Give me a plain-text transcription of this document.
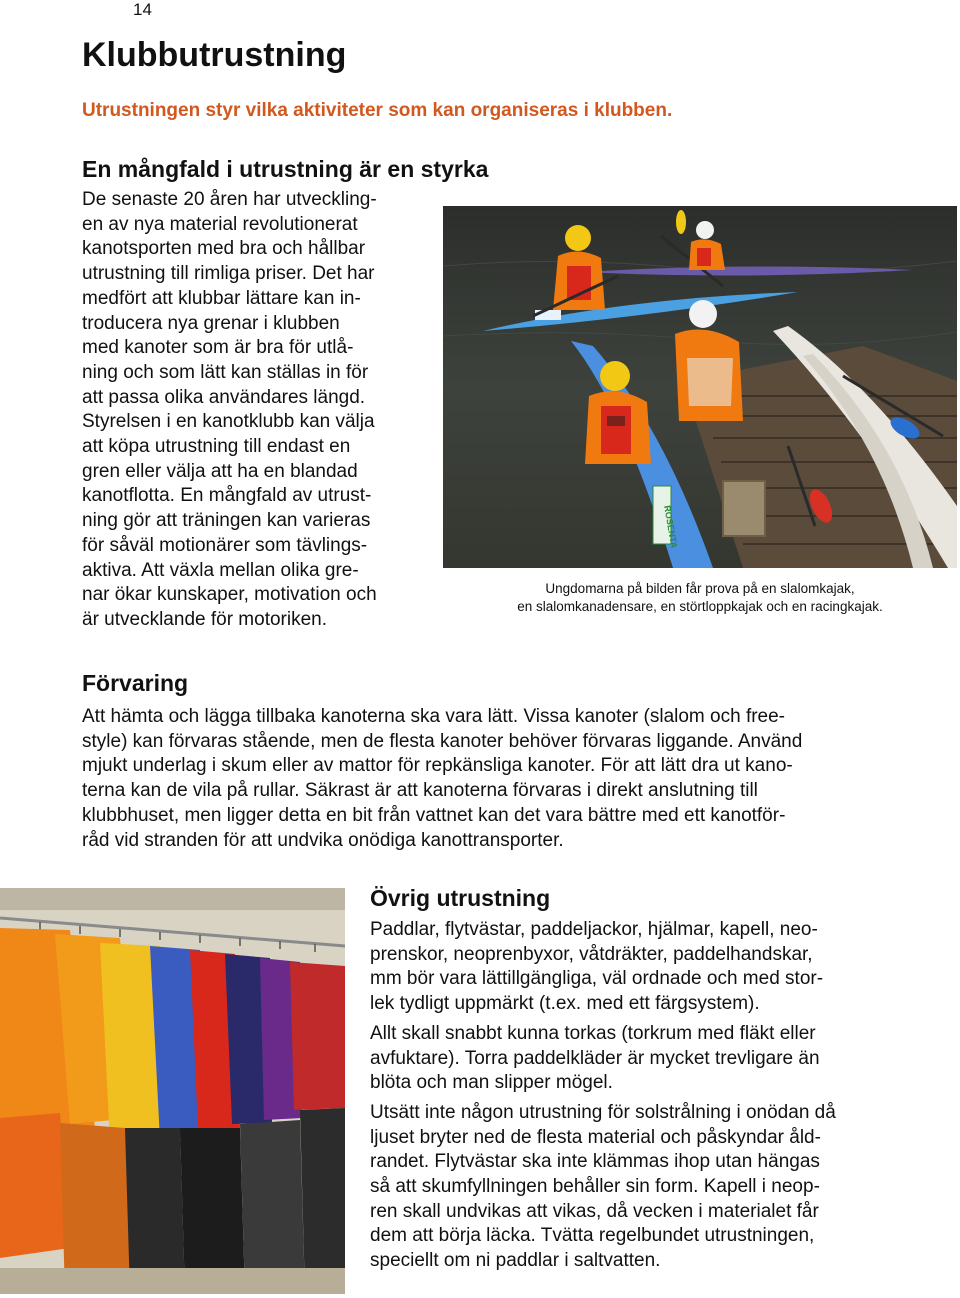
14
Klubbutrustning
Utrustningen styr vilka aktiviteter som kan organiseras i klubben.
En mångfald i utrustning är en styrka
De senaste 20 åren har utveckling-
en av nya material revolutionerat
kanotsporten med bra och hållbar
utrustning till rimliga priser. Det har
medfört att klubbar lättare kan in-
troducera nya grenar i klubben
med kanoter som är bra för utlå-
ning och som lätt kan ställas in för
att passa olika användares längd.
Styrelsen i en kanotklubb kan välja
att köpa utrustning till endast en
gren eller välja att ha en blandad
kanotflotta. En mångfald av utrust-
ning gör att träningen kan varieras
för såväl motionärer som tävlings-
aktiva. Att växla mellan olika gre-
nar ökar kunskaper, motivation och
är utvecklande för motoriken.
ROSENTA
Ungdomarna på bilden får prova på en slalomkajak,
en slalomkanadensare, en störtloppkajak och en racingkajak.
Förvaring
Att hämta och lägga tillbaka kanoterna ska vara lätt. Vissa kanoter (slalom och free-
style) kan förvaras stående, men de flesta kanoter behöver förvaras liggande. Använd
mjukt underlag i skum eller av mattor för repkänsliga kanoter. För att lätt dra ut kano-
terna kan de vila på rullar. Säkrast är att kanoterna förvaras i direkt anslutning till
klubbhuset, men ligger detta en bit från vattnet kan det vara bättre med ett kanotför-
råd vid stranden för att undvika onödiga kanottransporter.
Övrig utrustning
Paddlar, flytvästar, paddeljackor, hjälmar, kapell, neo-
prenskor, neoprenbyxor, våtdräkter, paddelhandskar,
mm bör vara lättillgängliga, väl ordnade och med stor-
lek tydligt uppmärkt (t.ex. med ett färgsystem).
Allt skall snabbt kunna torkas (torkrum med fläkt eller
avfuktare). Torra paddelkläder är mycket trevligare än
blöta och man slipper mögel.
Utsätt inte någon utrustning för solstrålning i onödan då
ljuset bryter ned de flesta material och påskyndar åld-
randet. Flytvästar ska inte klämmas ihop utan hängas
så att skumfyllningen behåller sin form. Kapell i neop-
ren skall undvikas att vikas, då vecken i materialet får
dem att börja läcka. Tvätta regelbundet utrustningen,
speciellt om ni paddlar i saltvatten.
